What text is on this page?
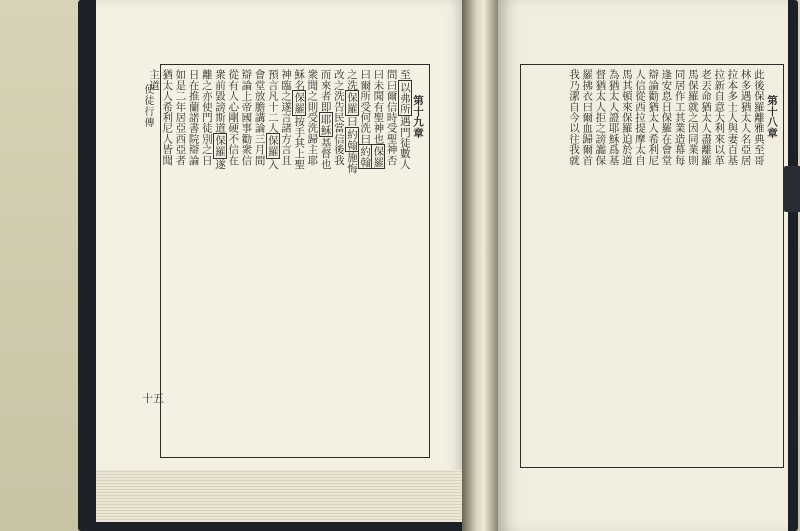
使徒行傳
十五
第十九章
至以弗所遇門徒數人
問曰爾信時受聖神否
曰未聞有聖神也保羅
曰爾所受何洗曰約翰
之洗保羅曰約翰施悔
改之洗告民當信後我
而來者即耶穌基督也
衆聞之則受洗歸主耶
穌名保羅按手其上聖
神臨之遂言諸方言且
預言凡十二人保羅入
會堂放膽講論三月間
辯論上帝國事勸衆信
從有人心剛硬不信在
衆前毀謗斯道保羅遂
離之亦使門徒別之日
日在推蘭諾書院辯論
如是二年居亞西亞者
猶太人希利尼人皆聞
主道
第十八章
此後保羅離雅典至哥
林多遇猶太人名亞居
拉本多士人與妻百基
拉新自意大利來以革
老丟命猶太人盡離羅
馬保羅就之因同業則
同居作工其業造幕每
逢安息日保羅在會堂
辯論勸猶太人希利尼
人信從西拉提摩太自
馬其頓來保羅迫於道
為猶太人證耶穌爲基
督猶太人拒之謗讟保
羅拂衣曰爾血歸爾首
我乃潔自今以往我就
